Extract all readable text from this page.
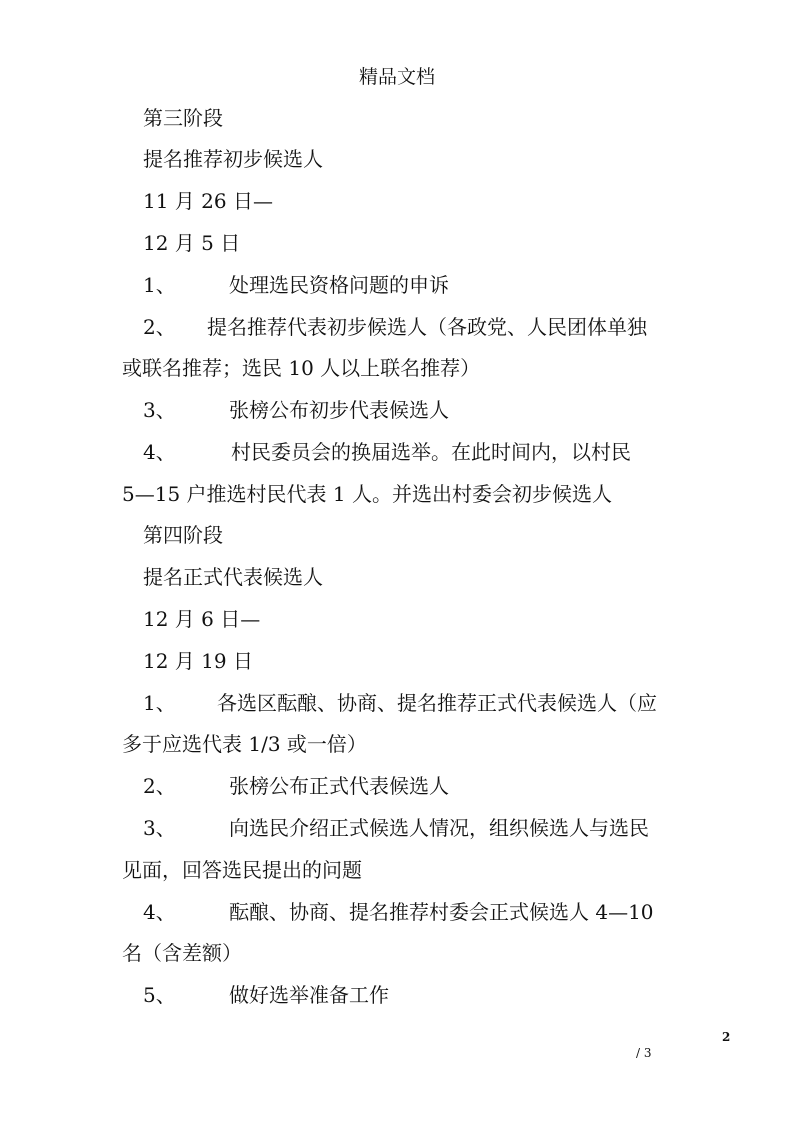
精品文档
第三阶段
提名推荐初步候选人
11 月 26 日—
12 月 5 日
1、	处理选民资格问题的申诉
2、 提名推荐代表初步候选人（各政党、人民团体单独
或联名推荐；选民 10 人以上联名推荐）
3、	张榜公布初步代表候选人
4、	村民委员会的换届选举。在此时间内，以村民
5—15 户推选村民代表 1 人。并选出村委会初步候选人
第四阶段
提名正式代表候选人
12 月 6 日—
12 月 19 日
1、 各选区酝酿、协商、提名推荐正式代表候选人（应
多于应选代表 1/3 或一倍）
2、	张榜公布正式代表候选人
3、	向选民介绍正式候选人情况，组织候选人与选民
见面，回答选民提出的问题
4、	酝酿、协商、提名推荐村委会正式候选人 4—10
名（含差额）
5、	做好选举准备工作
2
/ 3
